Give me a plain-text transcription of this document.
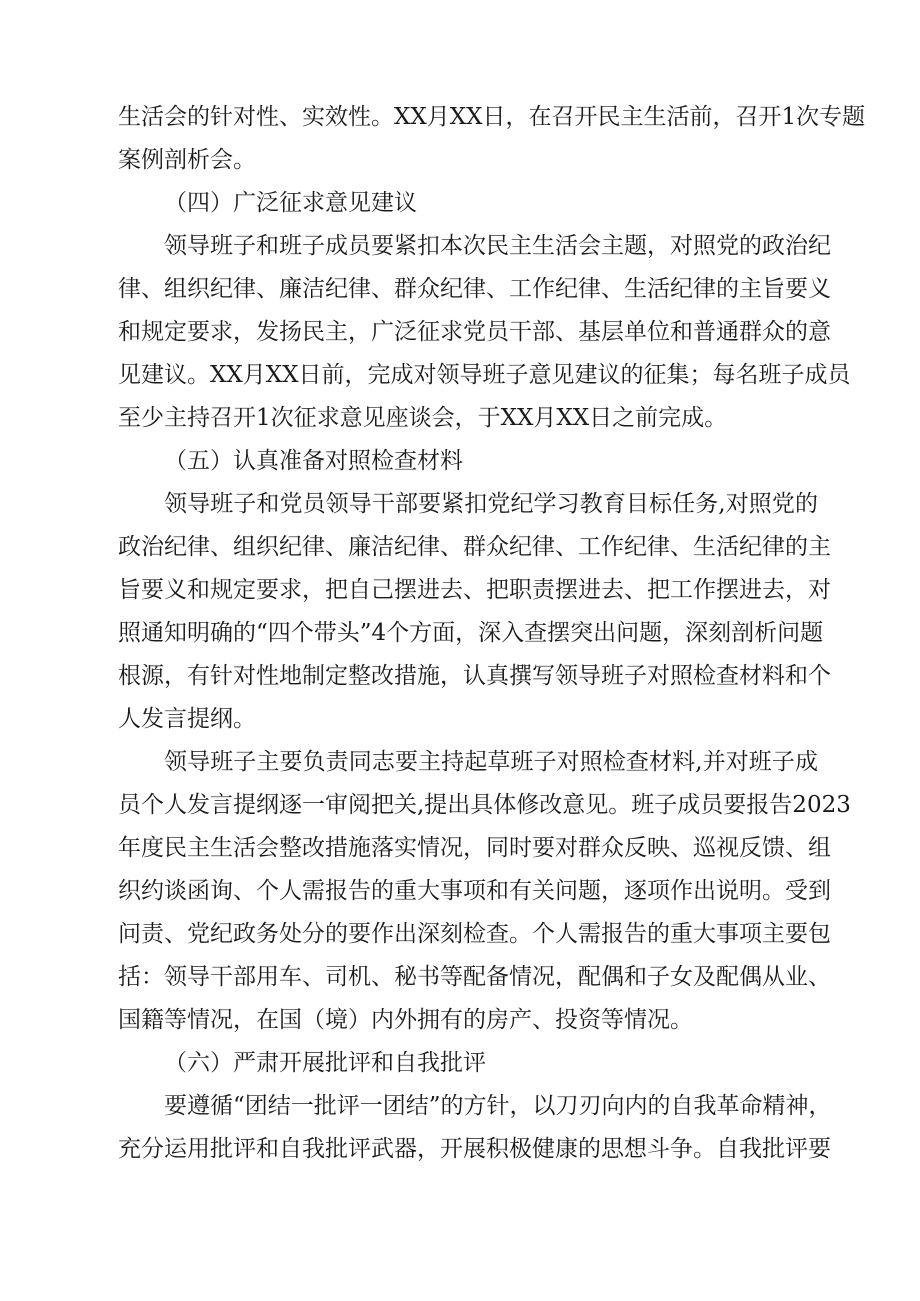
生活会的针对性、实效性。XX月XX日，在召开民主生活前，召开1次专题
案例剖析会。
（四）广泛征求意见建议
领导班子和班子成员要紧扣本次民主生活会主题，对照党的政治纪
律、组织纪律、廉洁纪律、群众纪律、工作纪律、生活纪律的主旨要义
和规定要求，发扬民主，广泛征求党员干部、基层单位和普通群众的意
见建议。XX月XX日前，完成对领导班子意见建议的征集；每名班子成员
至少主持召开1次征求意见座谈会，于XX月XX日之前完成。
（五）认真准备对照检查材料
领导班子和党员领导干部要紧扣党纪学习教育目标任务,对照党的
政治纪律、组织纪律、廉洁纪律、群众纪律、工作纪律、生活纪律的主
旨要义和规定要求，把自己摆进去、把职责摆进去、把工作摆进去，对
照通知明确的“四个带头”4个方面，深入查摆突出问题，深刻剖析问题
根源，有针对性地制定整改措施，认真撰写领导班子对照检查材料和个
人发言提纲。
领导班子主要负责同志要主持起草班子对照检查材料,并对班子成
员个人发言提纲逐一审阅把关,提出具体修改意见。班子成员要报告2023
年度民主生活会整改措施落实情况，同时要对群众反映、巡视反馈、组
织约谈函询、个人需报告的重大事项和有关问题，逐项作出说明。受到
问责、党纪政务处分的要作出深刻检查。个人需报告的重大事项主要包
括：领导干部用车、司机、秘书等配备情况，配偶和子女及配偶从业、
国籍等情况，在国（境）内外拥有的房产、投资等情况。
（六）严肃开展批评和自我批评
要遵循“团结一批评一团结”的方针，以刀刃向内的自我革命精神，
充分运用批评和自我批评武器，开展积极健康的思想斗争。自我批评要
